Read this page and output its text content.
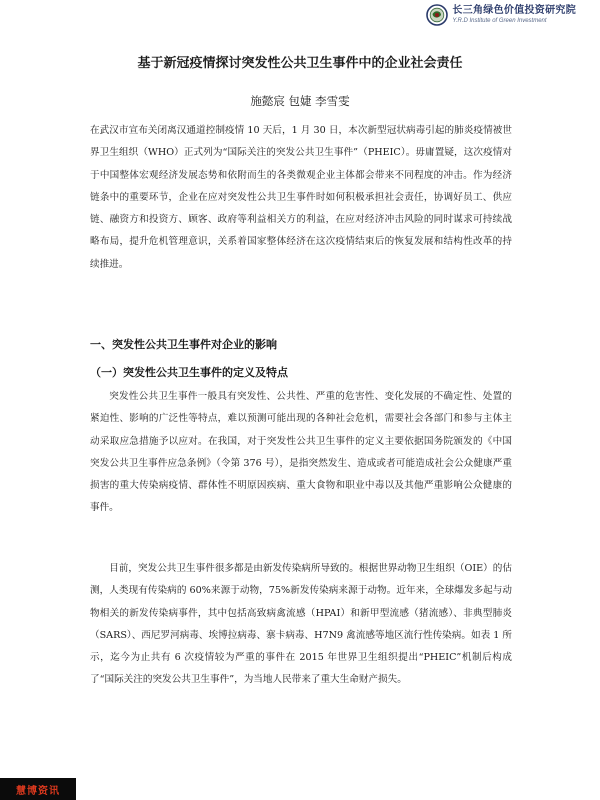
长三角绿色价值投资研究院
Y.R.D Institute of Green Investment
基于新冠疫情探讨突发性公共卫生事件中的企业社会责任

施懿宸 包婕 李雪雯

在武汉市宣布关闭离汉通道控制疫情 10 天后，1 月 30 日，本次新型冠状病毒引起的肺炎疫情被世界卫生组织（WHO）正式列为“国际关注的突发公共卫生事件”（PHEIC）。毋庸置疑，这次疫情对于中国整体宏观经济发展态势和依附而生的各类微观企业主体都会带来不同程度的冲击。作为经济链条中的重要环节，企业在应对突发性公共卫生事件时如何积极承担社会责任，协调好员工、供应链、融资方和投资方、顾客、政府等利益相关方的利益，在应对经济冲击风险的同时谋求可持续战略布局，提升危机管理意识，关系着国家整体经济在这次疫情结束后的恢复发展和结构性改革的持续推进。

一、突发性公共卫生事件对企业的影响
（一）突发性公共卫生事件的定义及特点

突发性公共卫生事件一般具有突发性、公共性、严重的危害性、变化发展的不确定性、处置的紧迫性、影响的广泛性等特点，难以预测可能出现的各种社会危机，需要社会各部门和参与主体主动采取应急措施予以应对。在我国，对于突发性公共卫生事件的定义主要依据国务院颁发的《中国突发公共卫生事件应急条例》（令第 376 号），是指突然发生、造成或者可能造成社会公众健康严重损害的重大传染病疫情、群体性不明原因疾病、重大食物和职业中毒以及其他严重影响公众健康的事件。

目前，突发公共卫生事件很多都是由新发传染病所导致的。根据世界动物卫生组织（OIE）的估测，人类现有传染病的 60%来源于动物，75%新发传染病来源于动物。近年来，全球爆发多起与动物相关的新发传染病事件，其中包括高致病禽流感（HPAI）和新甲型流感（猪流感）、非典型肺炎（SARS）、西尼罗河病毒、埃博拉病毒、寨卡病毒、H7N9 禽流感等地区流行性传染病。如表 1 所示，迄今为止共有 6 次疫情较为严重的事件在 2015 年世界卫生组织提出“PHEIC”机制后构成了“国际关注的突发公共卫生事件”，为当地人民带来了重大生命财产损失。

慧博资讯
